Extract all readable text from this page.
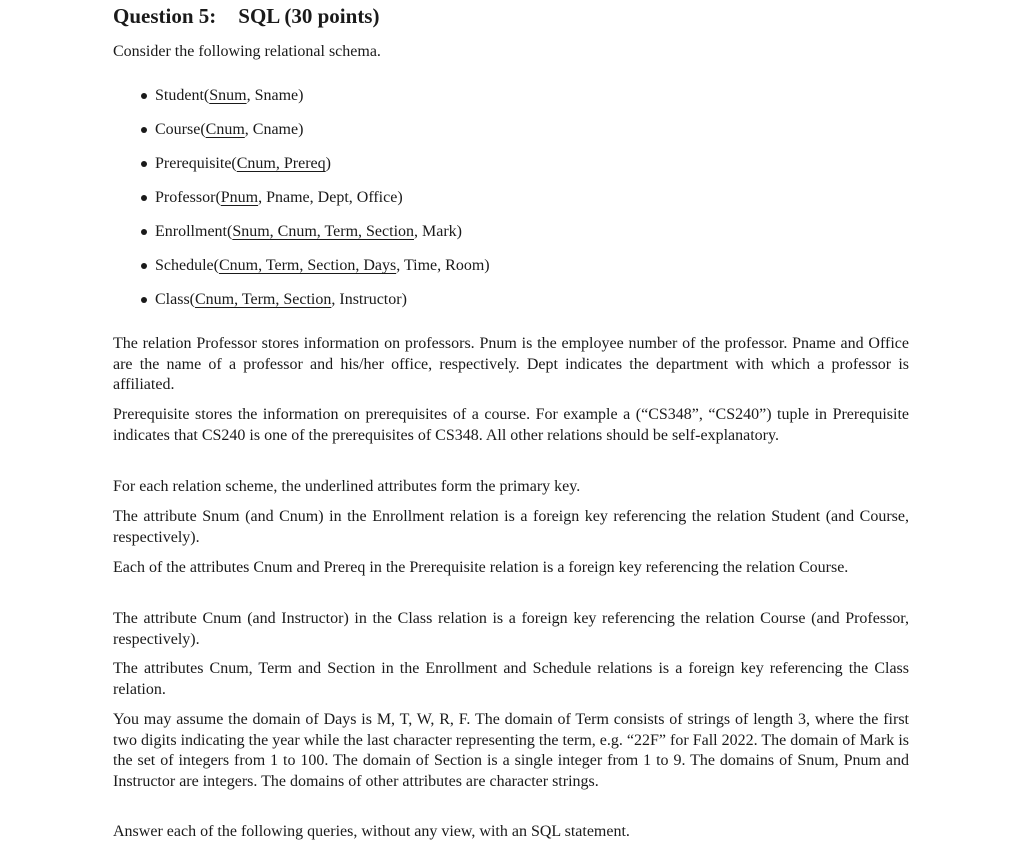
Question 5: SQL (30 points)
Consider the following relational schema.
Student(Snum, Sname)
Course(Cnum, Cname)
Prerequisite(Cnum, Prereq)
Professor(Pnum, Pname, Dept, Office)
Enrollment(Snum, Cnum, Term, Section, Mark)
Schedule(Cnum, Term, Section, Days, Time, Room)
Class(Cnum, Term, Section, Instructor)

The relation Professor stores information on professors. Pnum is the employee number of the professor. Pname and Office are the name of a professor and his/her office, respectively. Dept indicates the department with which a professor is affiliated.

Prerequisite stores the information on prerequisites of a course. For example a (“CS348”, “CS240”) tuple in Prerequisite indicates that CS240 is one of the prerequisites of CS348. All other relations should be self-explanatory.

For each relation scheme, the underlined attributes form the primary key.

The attribute Snum (and Cnum) in the Enrollment relation is a foreign key referencing the relation Student (and Course, respectively).

Each of the attributes Cnum and Prereq in the Prerequisite relation is a foreign key referencing the relation Course.

The attribute Cnum (and Instructor) in the Class relation is a foreign key referencing the relation Course (and Professor, respectively).

The attributes Cnum, Term and Section in the Enrollment and Schedule relations is a foreign key referencing the Class relation.

You may assume the domain of Days is M, T, W, R, F. The domain of Term consists of strings of length 3, where the first two digits indicating the year while the last character representing the term, e.g. “22F” for Fall 2022. The domain of Mark is the set of integers from 1 to 100. The domain of Section is a single integer from 1 to 9. The domains of Snum, Pnum and Instructor are integers. The domains of other attributes are character strings.

Answer each of the following queries, without any view, with an SQL statement.
